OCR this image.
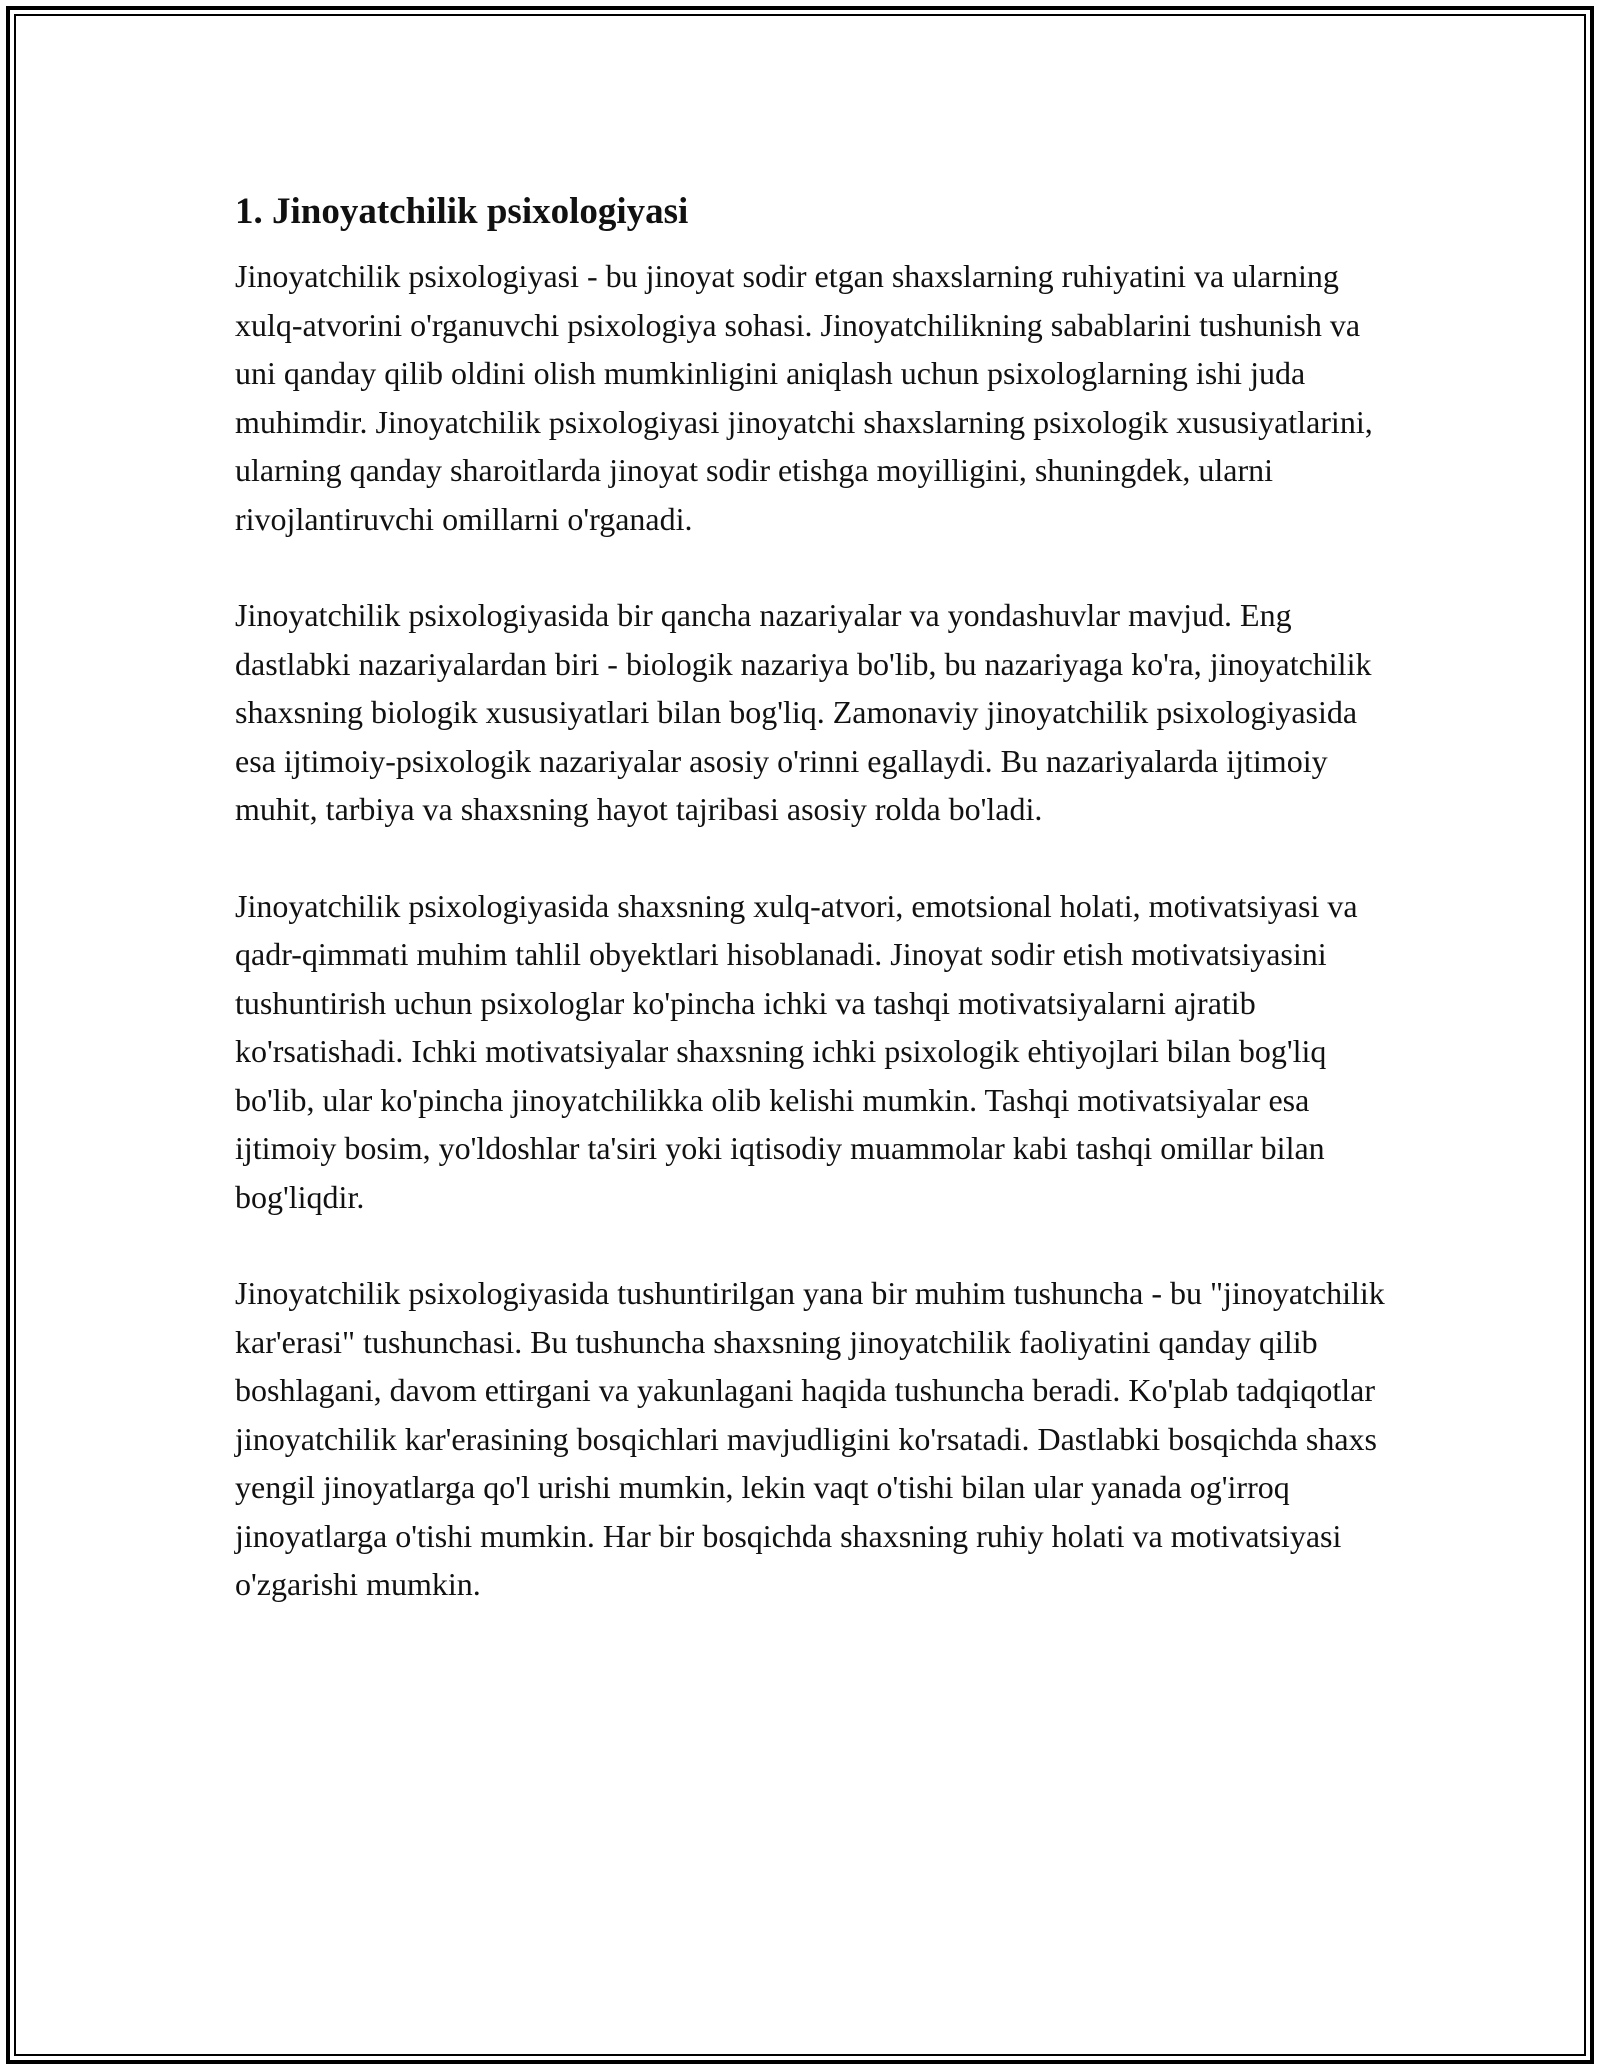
1. Jinoyatchilik psixologiyasi

Jinoyatchilik psixologiyasi - bu jinoyat sodir etgan shaxslarning ruhiyatini va ularning xulq-atvorini o'rganuvchi psixologiya sohasi. Jinoyatchilikning sabablarini tushunish va uni qanday qilib oldini olish mumkinligini aniqlash uchun psixologlarning ishi juda muhimdir. Jinoyatchilik psixologiyasi jinoyatchi shaxslarning psixologik xususiyatlarini, ularning qanday sharoitlarda jinoyat sodir etishga moyilligini, shuningdek, ularni rivojlantiruvchi omillarni o'rganadi.

Jinoyatchilik psixologiyasida bir qancha nazariyalar va yondashuvlar mavjud. Eng dastlabki nazariyalardan biri - biologik nazariya bo'lib, bu nazariyaga ko'ra, jinoyatchilik shaxsning biologik xususiyatlari bilan bog'liq. Zamonaviy jinoyatchilik psixologiyasida esa ijtimoiy-psixologik nazariyalar asosiy o'rinni egallaydi. Bu nazariyalarda ijtimoiy muhit, tarbiya va shaxsning hayot tajribasi asosiy rolda bo'ladi.

Jinoyatchilik psixologiyasida shaxsning xulq-atvori, emotsional holati, motivatsiyasi va qadr-qimmati muhim tahlil obyektlari hisoblanadi. Jinoyat sodir etish motivatsiyasini tushuntirish uchun psixologlar ko'pincha ichki va tashqi motivatsiyalarni ajratib ko'rsatishadi. Ichki motivatsiyalar shaxsning ichki psixologik ehtiyojlari bilan bog'liq bo'lib, ular ko'pincha jinoyatchilikka olib kelishi mumkin. Tashqi motivatsiyalar esa ijtimoiy bosim, yo'ldoshlar ta'siri yoki iqtisodiy muammolar kabi tashqi omillar bilan bog'liqdir.

Jinoyatchilik psixologiyasida tushuntirilgan yana bir muhim tushuncha - bu "jinoyatchilik kar'erasi" tushunchasi. Bu tushuncha shaxsning jinoyatchilik faoliyatini qanday qilib boshlagani, davom ettirgani va yakunlagani haqida tushuncha beradi. Ko'plab tadqiqotlar jinoyatchilik kar'erasining bosqichlari mavjudligini ko'rsatadi. Dastlabki bosqichda shaxs yengil jinoyatlarga qo'l urishi mumkin, lekin vaqt o'tishi bilan ular yanada og'irroq jinoyatlarga o'tishi mumkin. Har bir bosqichda shaxsning ruhiy holati va motivatsiyasi o'zgarishi mumkin.
